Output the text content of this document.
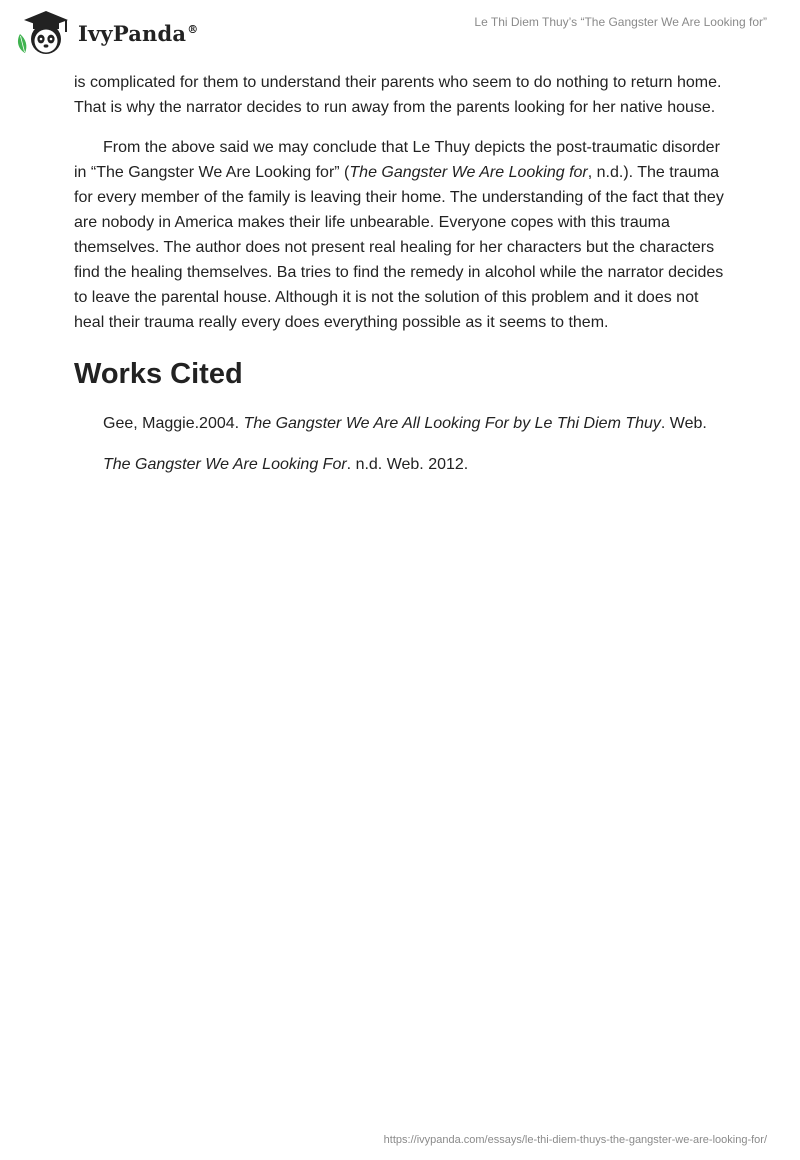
IvyPanda®	Le Thi Diem Thuy’s “The Gangster We Are Looking for”

is complicated for them to understand their parents who seem to do nothing to return home. That is why the narrator decides to run away from the parents looking for her native house.

From the above said we may conclude that Le Thuy depicts the post-traumatic disorder in “The Gangster We Are Looking for” (The Gangster We Are Looking for, n.d.). The trauma for every member of the family is leaving their home. The understanding of the fact that they are nobody in America makes their life unbearable. Everyone copes with this trauma themselves. The author does not present real healing for her characters but the characters find the healing themselves. Ba tries to find the remedy in alcohol while the narrator decides to leave the parental house. Although it is not the solution of this problem and it does not heal their trauma really every does everything possible as it seems to them.

Works Cited

Gee, Maggie.2004. The Gangster We Are All Looking For by Le Thi Diem Thuy. Web.

The Gangster We Are Looking For. n.d. Web. 2012.

https://ivypanda.com/essays/le-thi-diem-thuys-the-gangster-we-are-looking-for/
